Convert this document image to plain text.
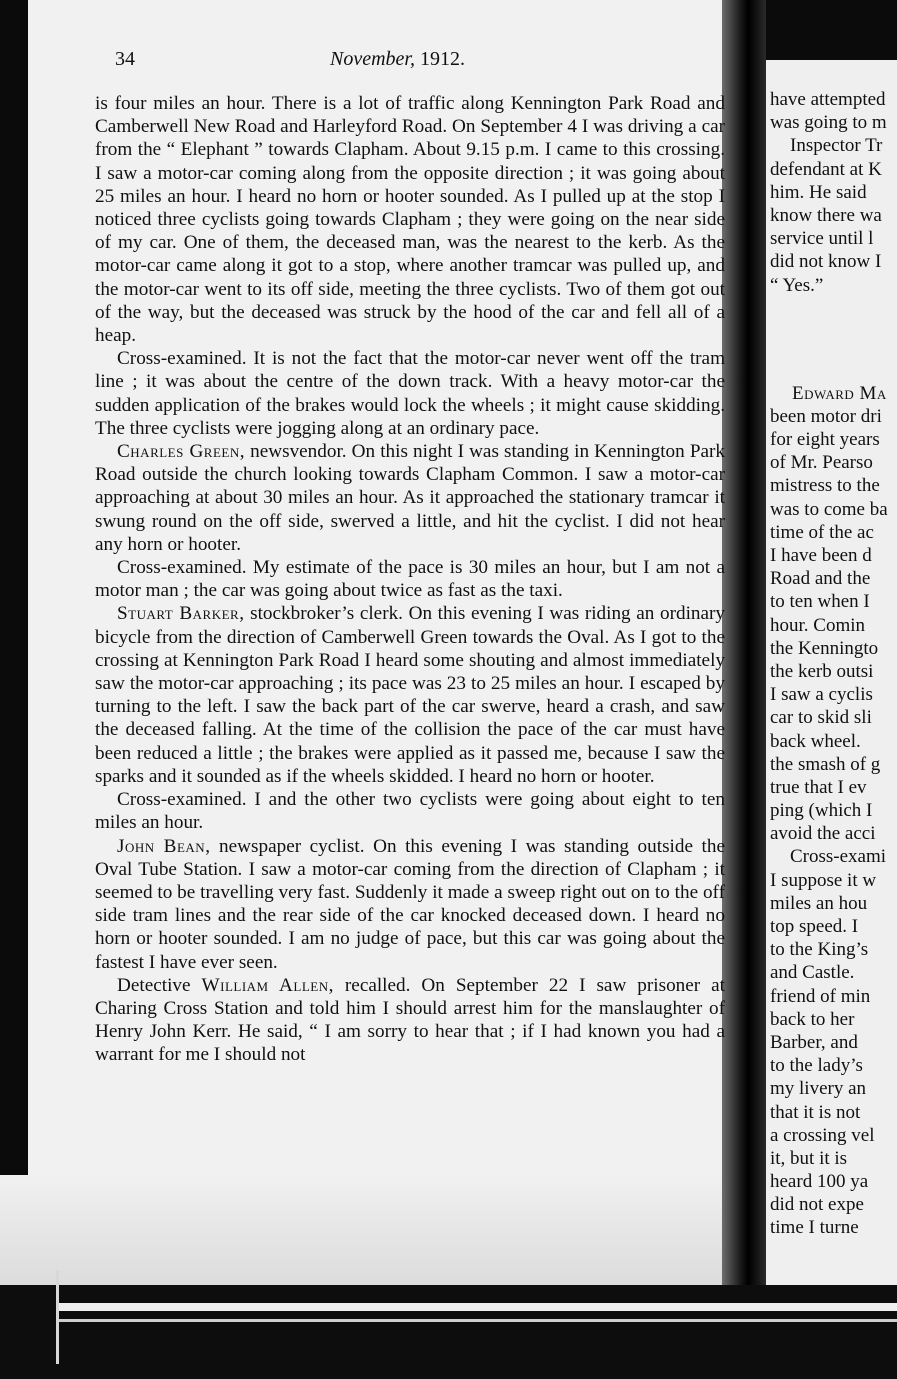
have attempted
was going to m
Inspector Tr
defendant at K
him. He said
know there wa
service until l
did not know I
“ Yes.”
Edward Ma
been motor dri
for eight years
of Mr. Pearso
mistress to the
was to come ba
time of the ac
I have been d
Road and the
to ten when I
hour. Comin
the Kenningto
the kerb outsi
I saw a cyclis
car to skid sli
back wheel.
the smash of g
true that I ev
ping (which I
avoid the acci
Cross-exami
I suppose it w
miles an hou
top speed. I
to the King’s
and Castle.
friend of min
back to her
Barber, and
to the lady’s
my livery an
that it is not
a crossing vel
it, but it is
heard 100 ya
did not expe
time I turne
34	November, 1912.

is four miles an hour. There is a lot of traffic along Kennington Park Road and Camberwell New Road and Harleyford Road. On September 4 I was driving a car from the “ Elephant ” towards Clapham. About 9.15 p.m. I came to this crossing. I saw a motor-car coming along from the opposite direction ; it was going about 25 miles an hour. I heard no horn or hooter sounded. As I pulled up at the stop I noticed three cyclists going towards Clapham ; they were going on the near side of my car. One of them, the deceased man, was the nearest to the kerb. As the motor-car came along it got to a stop, where another tramcar was pulled up, and the motor-car went to its off side, meeting the three cyclists. Two of them got out of the way, but the deceased was struck by the hood of the car and fell all of a heap.

Cross-examined. It is not the fact that the motor-car never went off the tram line ; it was about the centre of the down track. With a heavy motor-car the sudden application of the brakes would lock the wheels ; it might cause skidding. The three cyclists were jogging along at an ordinary pace.

Charles Green, newsvendor. On this night I was standing in Kennington Park Road outside the church looking towards Clapham Common. I saw a motor-car approaching at about 30 miles an hour. As it approached the stationary tramcar it swung round on the off side, swerved a little, and hit the cyclist. I did not hear any horn or hooter.

Cross-examined. My estimate of the pace is 30 miles an hour, but I am not a motor man ; the car was going about twice as fast as the taxi.

Stuart Barker, stockbroker’s clerk. On this evening I was riding an ordinary bicycle from the direction of Camberwell Green towards the Oval. As I got to the crossing at Kennington Park Road I heard some shouting and almost immediately saw the motor-car approaching ; its pace was 23 to 25 miles an hour. I escaped by turning to the left. I saw the back part of the car swerve, heard a crash, and saw the deceased falling. At the time of the collision the pace of the car must have been reduced a little ; the brakes were applied as it passed me, because I saw the sparks and it sounded as if the wheels skidded. I heard no horn or hooter.

Cross-examined. I and the other two cyclists were going about eight to ten miles an hour.

John Bean, newspaper cyclist. On this evening I was standing outside the Oval Tube Station. I saw a motor-car coming from the direction of Clapham ; it seemed to be travelling very fast. Suddenly it made a sweep right out on to the off side tram lines and the rear side of the car knocked deceased down. I heard no horn or hooter sounded. I am no judge of pace, but this car was going about the fastest I have ever seen.

Detective William Allen, recalled. On September 22 I saw prisoner at Charing Cross Station and told him I should arrest him for the manslaughter of Henry John Kerr. He said, “ I am sorry to hear that ; if I had known you had a warrant for me I should not
